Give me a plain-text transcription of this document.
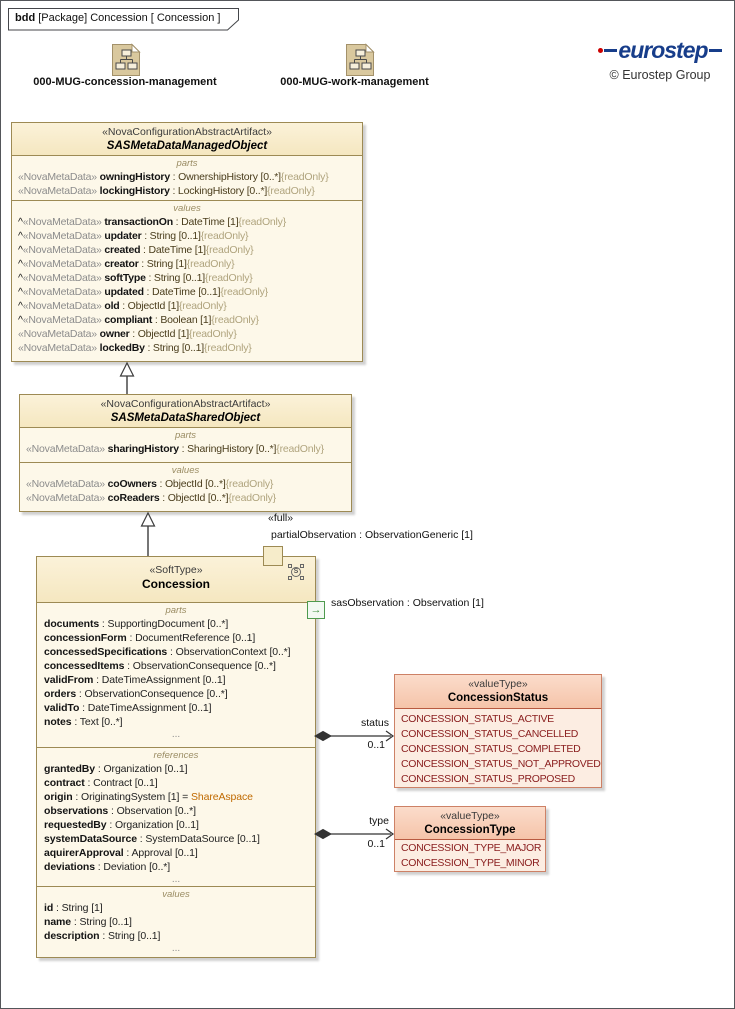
bdd [Package] Concession [ Concession ]
000-MUG-concession-management	000-MUG-work-management
eurostep
© Eurostep Group
«NovaConfigurationAbstractArtifact»
SASMetaDataManagedObject
parts
«NovaMetaData» owningHistory : OwnershipHistory [0..*]{readOnly}
«NovaMetaData» lockingHistory : LockingHistory [0..*]{readOnly}
values
^«NovaMetaData» transactionOn : DateTime [1]{readOnly}
^«NovaMetaData» updater : String [0..1]{readOnly}
^«NovaMetaData» created : DateTime [1]{readOnly}
^«NovaMetaData» creator : String [1]{readOnly}
^«NovaMetaData» softType : String [0..1]{readOnly}
^«NovaMetaData» updated : DateTime [0..1]{readOnly}
^«NovaMetaData» old : ObjectId [1]{readOnly}
^«NovaMetaData» compliant : Boolean [1]{readOnly}
«NovaMetaData» owner : ObjectId [1]{readOnly}
«NovaMetaData» lockedBy : String [0..1]{readOnly}
«NovaConfigurationAbstractArtifact»
SASMetaDataSharedObject
parts
«NovaMetaData» sharingHistory : SharingHistory [0..*]{readOnly}
values
«NovaMetaData» coOwners : ObjectId [0..*]{readOnly}
«NovaMetaData» coReaders : ObjectId [0..*]{readOnly}
«SoftType»
Concession
S
parts
documents : SupportingDocument [0..*]
concessionForm : DocumentReference [0..1]
concessedSpecifications : ObservationContext [0..*]
concessedItems : ObservationConsequence [0..*]
validFrom : DateTimeAssignment [0..1]
orders : ObservationConsequence [0..*]
validTo : DateTimeAssignment [0..1]
notes : Text [0..*]
...
references
grantedBy : Organization [0..1]
contract : Contract [0..1]
origin : OriginatingSystem [1] = ShareAspace
observations : Observation [0..*]
requestedBy : Organization [0..1]
systemDataSource : SystemDataSource [0..1]
aquirerApproval : Approval [0..1]
deviations : Deviation [0..*]
...
values
id : String [1]
name : String [0..1]
description : String [0..1]
...
«valueType»
ConcessionStatus
CONCESSION_STATUS_ACTIVE
CONCESSION_STATUS_CANCELLED
CONCESSION_STATUS_COMPLETED
CONCESSION_STATUS_NOT_APPROVED
CONCESSION_STATUS_PROPOSED
«valueType»
ConcessionType
CONCESSION_TYPE_MAJOR
CONCESSION_TYPE_MINOR
→
«full»
partialObservation : ObservationGeneric [1]
sasObservation : Observation [1]
status
0..1
type
0..1
